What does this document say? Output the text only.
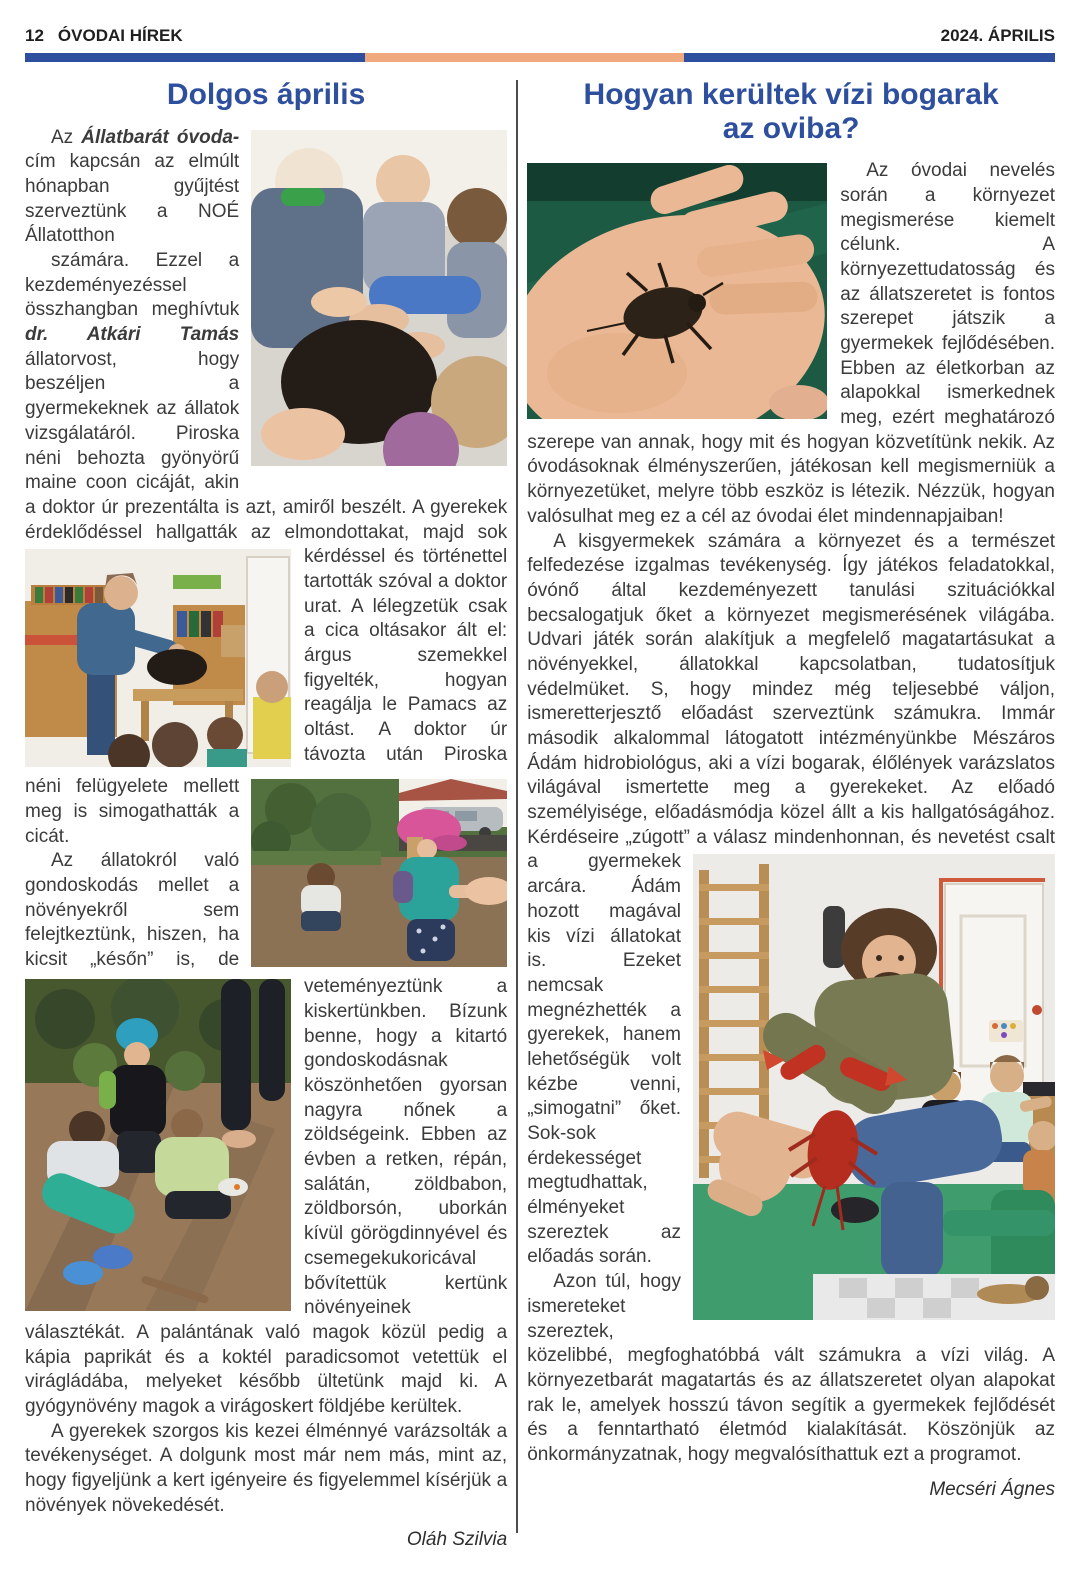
12 ÓVODAI HÍREK	2024. ÁPRILIS
Dolgos április

Az Állatbarát óvoda-cím kapcsán az elmúlt hónapban gyűjtést szerveztünk a NOÉ Állatotthon

számára. Ezzel a kezdeményezéssel összhangban meghívtuk dr. Atkári Tamás állatorvost, hogy beszéljen a gyermekeknek az állatok vizsgálatáról. Piroska néni behozta gyönyörű maine coon cicáját, akin a doktor úr prezentálta is azt, amiről beszélt. A gyerekek érdeklődéssel hallgatták az elmondottakat,
majd sok kérdéssel és történettel tartották szóval a doktor urat. A lélegzetük csak a cica oltásakor ált el: árgus szemekkel figyelték, hogyan reagálja le Pamacs az oltást.
A doktor úr távozta után Piroska néni felügyelete mellett meg is simogathatták a cicát.

Az állatokról való gondoskodás mellet a növényekről sem felejtkeztünk, hiszen, ha kicsit
„későn” is, de veteményeztünk a kiskertünkben. Bízunk benne, hogy a kitartó gondoskodásnak köszönhetően gyorsan nagyra nőnek a zöldségeink. Ebben az évben a retken, répán, salátán, zöldbabon, zöldborsón, uborkán kívül görögdinnyével és csemegekukoricával bővítettük kertünk növényeinek választékát. A palántának való magok közül pedig a kápia paprikát és a koktél paradicsomot vetettük el virágládába, melyeket később ültetünk majd ki. A gyógynövény magok a virágoskert földjébe kerültek.

A gyerekek szorgos kis kezei élménnyé varázsolták a tevékenységet. A dolgunk most már nem más, mint az, hogy figyeljünk a kert igényeire és figyelemmel kísérjük a növények növekedését.

Oláh Szilvia

Hogyan kerültek vízi bogarak
az oviba?

Az óvodai nevelés során a környezet megismerése kiemelt célunk. A környezettudatosság és az állatszeretet is fontos szerepet játszik a gyermekek fejlődésében. Ebben az életkorban az alapokkal ismerkednek meg, ezért meghatározó szerepe van annak, hogy mit és hogyan közvetítünk nekik. Az óvodásoknak élményszerűen, játékosan kell megismerniük a környezetüket, melyre több eszköz is létezik. Nézzük, hogyan valósulhat meg ez a cél az óvodai élet mindennapjaiban!

A kisgyermekek számára a környezet és a természet felfedezése izgalmas tevékenység. Így játékos feladatokkal, óvónő által kezdeményezett tanulási szituációkkal becsalogatjuk őket a környezet megismerésének világába. Udvari játék során alakítjuk a megfelelő magatartásukat a növényekkel, állatokkal kapcsolatban, tudatosítjuk védelmüket. S, hogy mindez még teljesebbé váljon, ismeretterjesztő előadást szerveztünk számukra. Immár második alkalommal látogatott intézményünkbe Mészáros Ádám hidrobiológus, aki a vízi bogarak, élőlények varázslatos világával ismertette meg a gyerekeket. Az előadó személyisége, előadásmódja közel állt a kis hallgatóságához. Kérdéseire „zúgott” a válasz mindenhonnan, és nevetést
csalt a gyermekek arcára. Ádám hozott magával kis vízi állatokat is. Ezeket nemcsak megnézhették a gyerekek, hanem lehetőségük volt kézbe venni, „simogatni” őket. Sok-sok érdekességet megtudhattak, élményeket szereztek az előadás során.

Azon túl, hogy ismereteket szereztek, közelibbé, megfoghatóbbá vált számukra a vízi világ. A környezetbarát magatartás és az állatszeretet olyan alapokat rak le, amelyek hosszú távon segítik a gyermekek fejlődését és a fenntartható életmód kialakítását. Köszönjük az önkormányzatnak, hogy megvalósíthattuk ezt a programot.

Mecséri Ágnes
